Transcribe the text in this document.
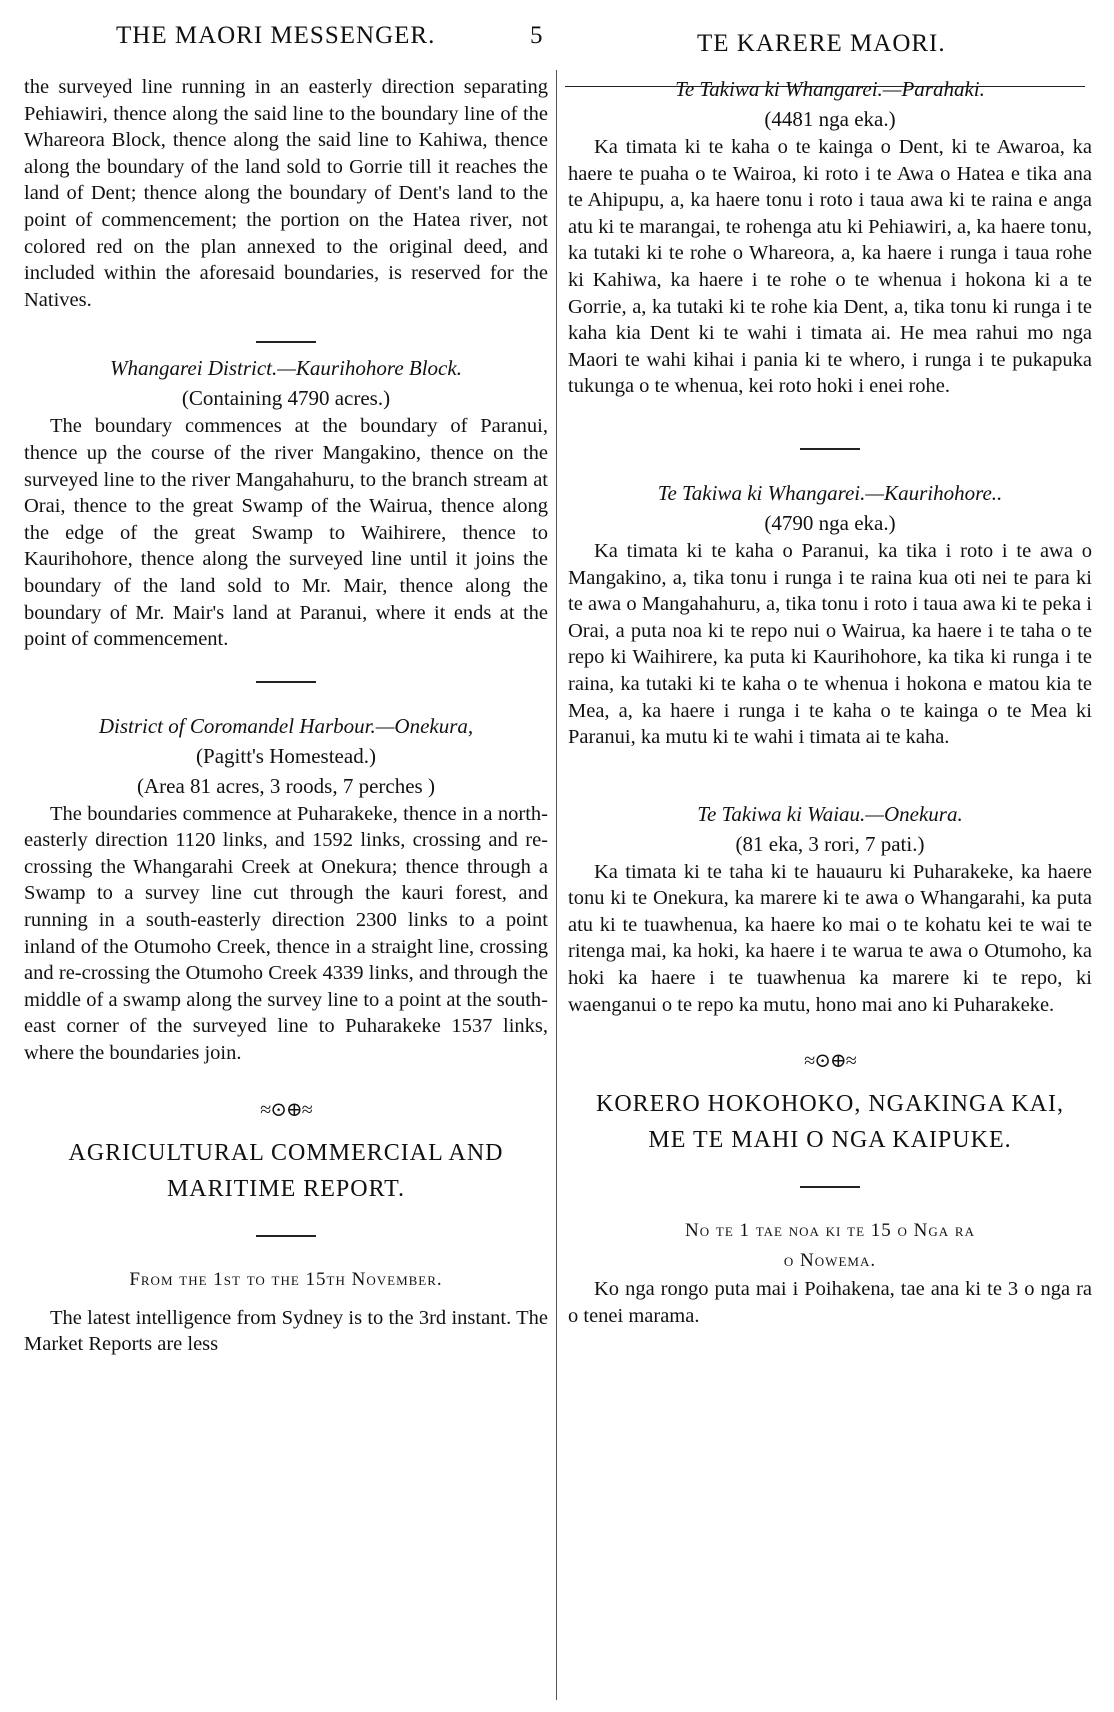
THE MAORI MESSENGER.	5	TE KARERE MAORI.

the surveyed line running in an easterly direction separating Pehiawiri, thence along the said line to the boundary line of the Whareora Block, thence along the said line to Kahiwa, thence along the boundary of the land sold to Gorrie till it reaches the land of Dent; thence along the boundary of Dent's land to the point of commencement; the portion on the Hatea river, not colored red on the plan annexed to the original deed, and included within the aforesaid boundaries, is reserved for the Natives.

Whangarei District.—Kaurihohore Block.
(Containing 4790 acres.)

The boundary commences at the boundary of Paranui, thence up the course of the river Mangakino, thence on the surveyed line to the river Mangahahuru, to the branch stream at Orai, thence to the great Swamp of the Wairua, thence along the edge of the great Swamp to Waihirere, thence to Kaurihohore, thence along the surveyed line until it joins the boundary of the land sold to Mr. Mair, thence along the boundary of Mr. Mair's land at Paranui, where it ends at the point of commencement.

District of Coromandel Harbour.—Onekura,
(Pagitt's Homestead.)
(Area 81 acres, 3 roods, 7 perches )

The boundaries commence at Puharakeke, thence in a north-easterly direction 1120 links, and 1592 links, crossing and re-crossing the Whangarahi Creek at Onekura; thence through a Swamp to a survey line cut through the kauri forest, and running in a south-easterly direction 2300 links to a point inland of the Otumoho Creek, thence in a straight line, crossing and re-crossing the Otumoho Creek 4339 links, and through the middle of a swamp along the survey line to a point at the south-east corner of the surveyed line to Puharakeke 1537 links, where the boundaries join.

≈⊙⊕≈
AGRICULTURAL COMMERCIAL AND
MARITIME REPORT.
From the 1st to the 15th November.

The latest intelligence from Sydney is to the 3rd instant. The Market Reports are less

Te Takiwa ki Whangarei.—Parahaki.
(4481 nga eka.)

Ka timata ki te kaha o te kainga o Dent, ki te Awaroa, ka haere te puaha o te Wairoa, ki roto i te Awa o Hatea e tika ana te Ahipupu, a, ka haere tonu i roto i taua awa ki te raina e anga atu ki te marangai, te rohenga atu ki Pehiawiri, a, ka haere tonu, ka tutaki ki te rohe o Whareora, a, ka haere i runga i taua rohe ki Kahiwa, ka haere i te rohe o te whenua i hokona ki a te Gorrie, a, ka tutaki ki te rohe kia Dent, a, tika tonu ki runga i te kaha kia Dent ki te wahi i timata ai. He mea rahui mo nga Maori te wahi kihai i pania ki te whero, i runga i te pukapuka tukunga o te whenua, kei roto hoki i enei rohe.

Te Takiwa ki Whangarei.—Kaurihohore..
(4790 nga eka.)

Ka timata ki te kaha o Paranui, ka tika i roto i te awa o Mangakino, a, tika tonu i runga i te raina kua oti nei te para ki te awa o Mangahahuru, a, tika tonu i roto i taua awa ki te peka i Orai, a puta noa ki te repo nui o Wairua, ka haere i te taha o te repo ki Waihirere, ka puta ki Kaurihohore, ka tika ki runga i te raina, ka tutaki ki te kaha o te whenua i hokona e matou kia te Mea, a, ka haere i runga i te kaha o te kainga o te Mea ki Paranui, ka mutu ki te wahi i timata ai te kaha.

Te Takiwa ki Waiau.—Onekura.
(81 eka, 3 rori, 7 pati.)

Ka timata ki te taha ki te hauauru ki Puharakeke, ka haere tonu ki te Onekura, ka marere ki te awa o Whangarahi, ka puta atu ki te tuawhenua, ka haere ko mai o te kohatu kei te wai te ritenga mai, ka hoki, ka haere i te warua te awa o Otumoho, ka hoki ka haere i te tuawhenua ka marere ki te repo, ki waenganui o te repo ka mutu, hono mai ano ki Puharakeke.

≈⊙⊕≈
KORERO HOKOHOKO, NGAKINGA KAI,
ME TE MAHI O NGA KAIPUKE.
No te 1 tae noa ki te 15 o Nga ra
o Nowema.

Ko nga rongo puta mai i Poihakena, tae ana ki te 3 o nga ra o tenei marama.
